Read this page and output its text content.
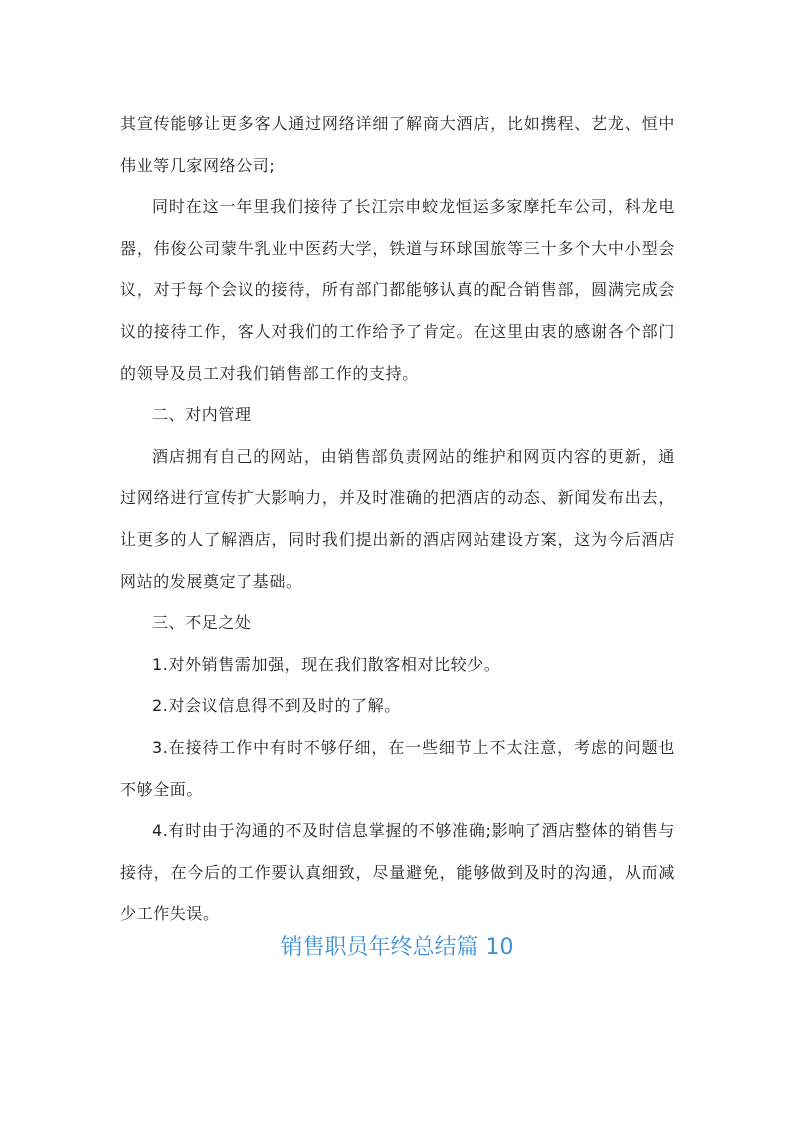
其宣传能够让更多客人通过网络详细了解商大酒店，比如携程、艺龙、恒中伟业等几家网络公司;

同时在这一年里我们接待了长江宗申蛟龙恒运多家摩托车公司，科龙电器，伟俊公司蒙牛乳业中医药大学，铁道与环球国旅等三十多个大中小型会议，对于每个会议的接待，所有部门都能够认真的配合销售部，圆满完成会议的接待工作，客人对我们的工作给予了肯定。在这里由衷的感谢各个部门的领导及员工对我们销售部工作的支持。

二、对内管理

酒店拥有自己的网站，由销售部负责网站的维护和网页内容的更新，通过网络进行宣传扩大影响力，并及时准确的把酒店的动态、新闻发布出去，让更多的人了解酒店，同时我们提出新的酒店网站建设方案，这为今后酒店网站的发展奠定了基础。

三、不足之处

1.对外销售需加强，现在我们散客相对比较少。

2.对会议信息得不到及时的了解。

3.在接待工作中有时不够仔细，在一些细节上不太注意，考虑的问题也不够全面。

4.有时由于沟通的不及时信息掌握的不够准确;影响了酒店整体的销售与接待，在今后的工作要认真细致，尽量避免，能够做到及时的沟通，从而减少工作失误。

销售职员年终总结篇 10
